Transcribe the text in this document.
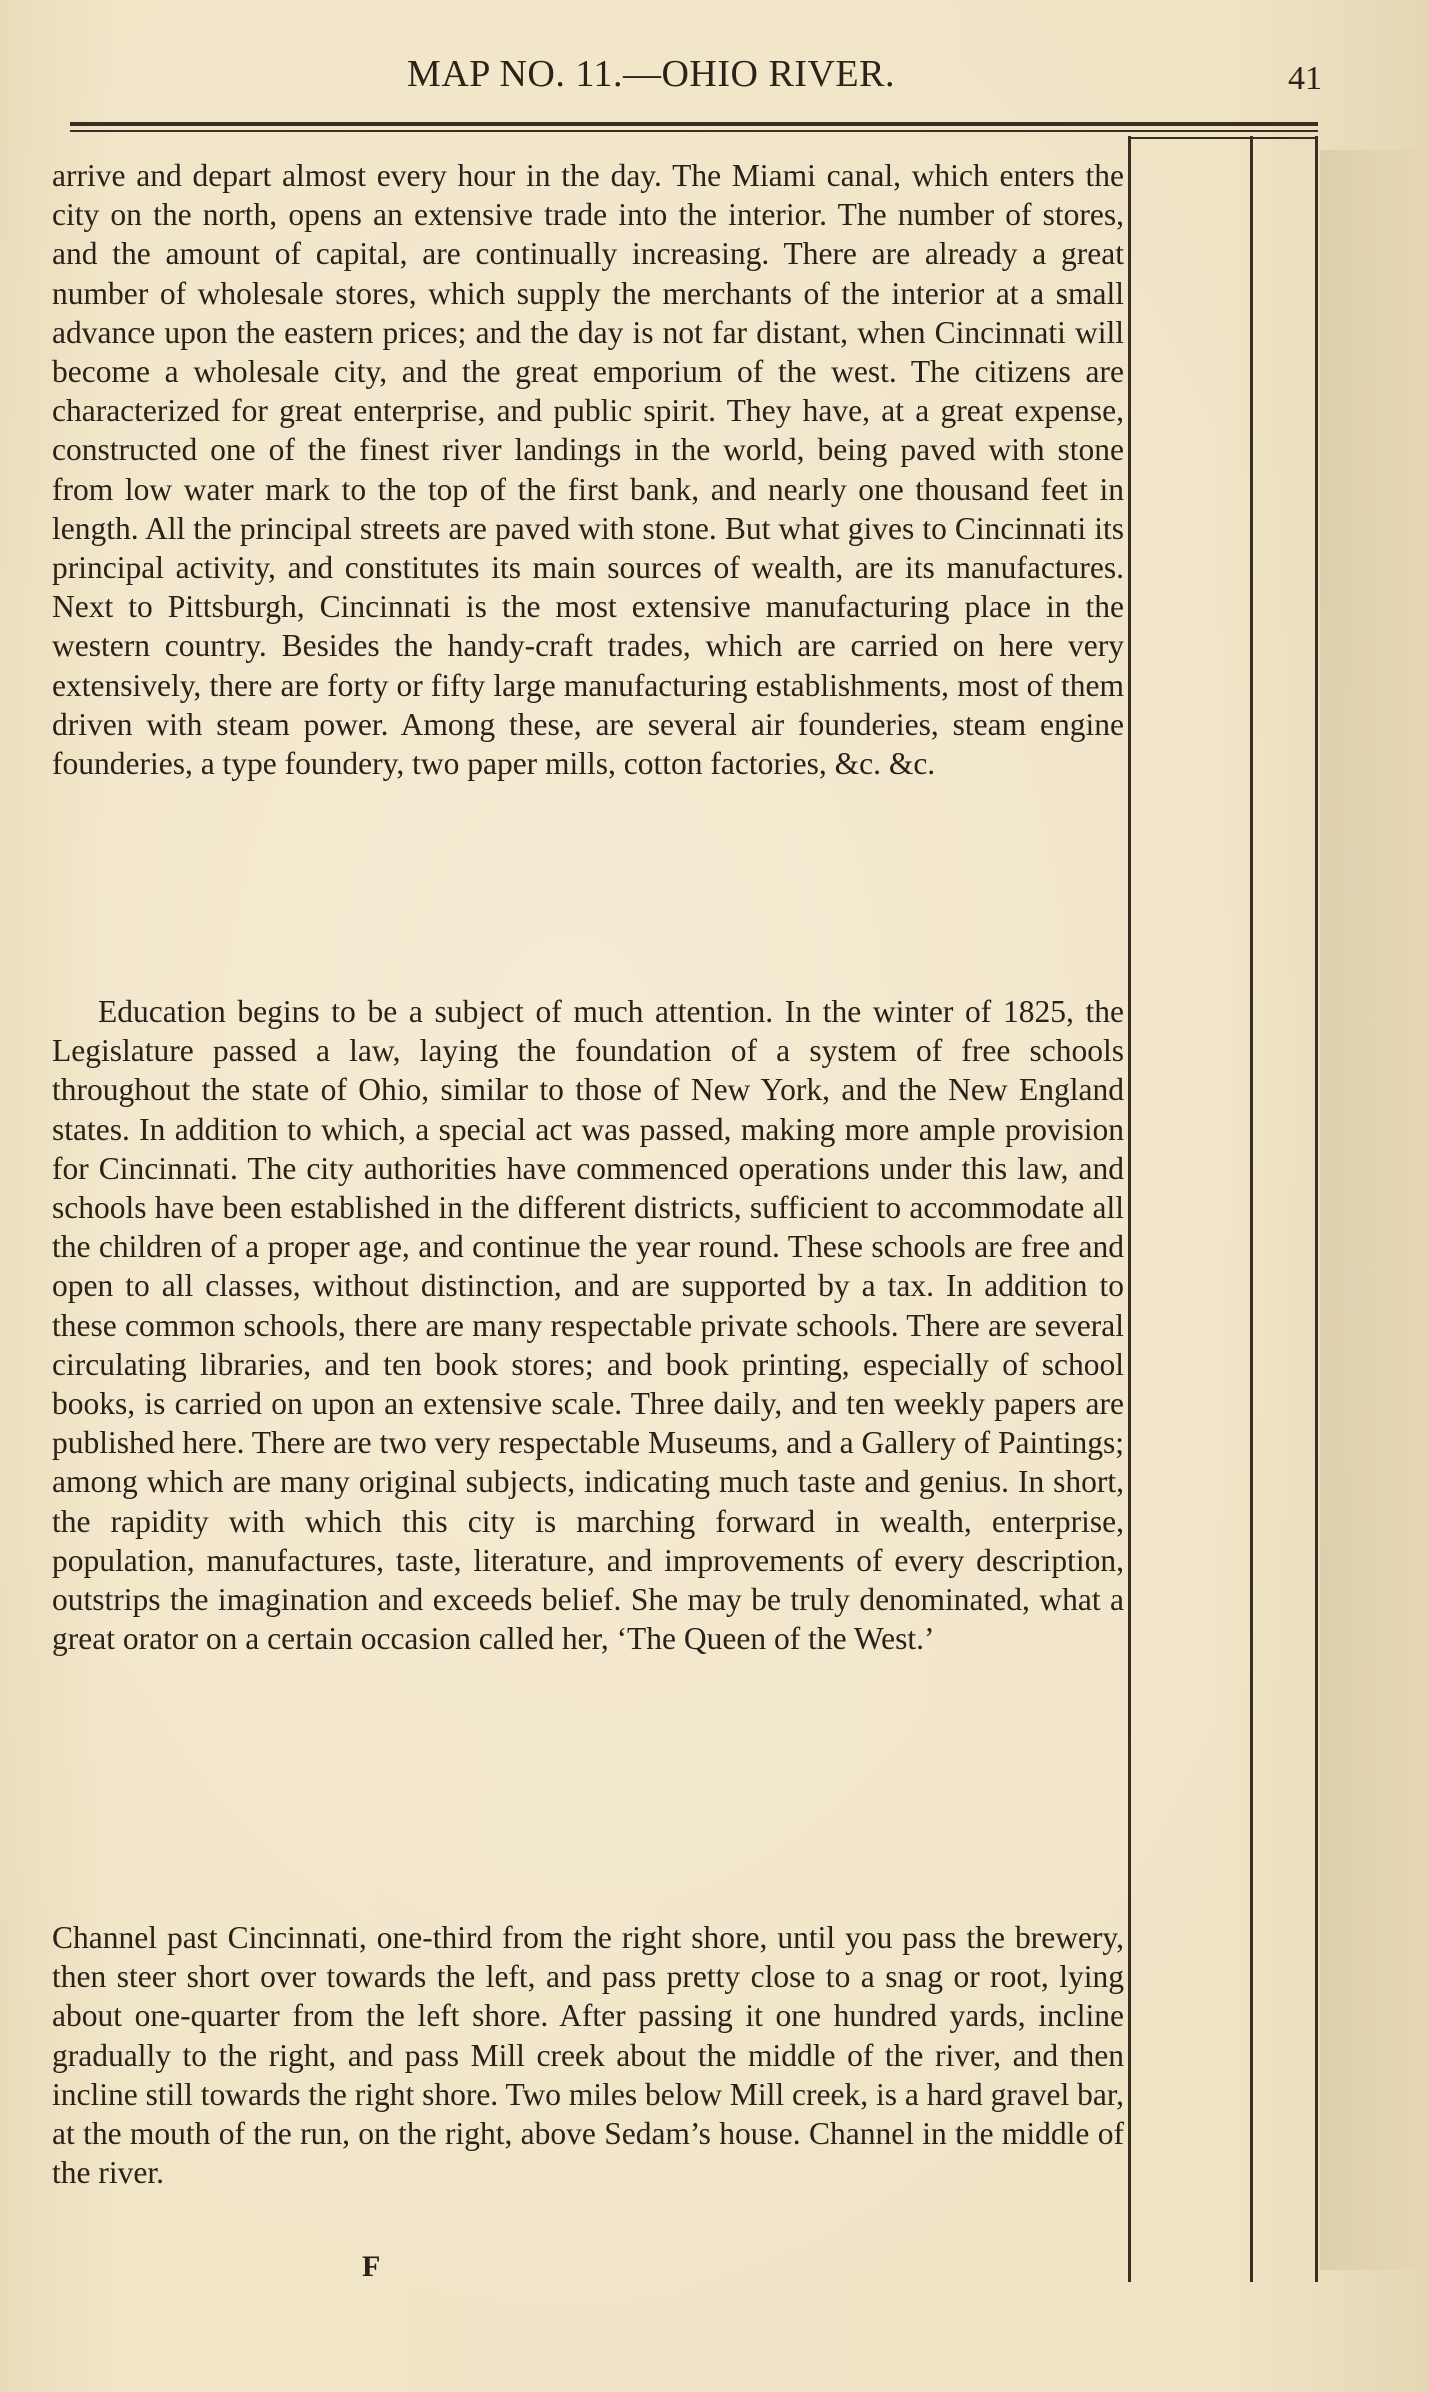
MAP NO. 11.—OHIO RIVER.	41

arrive and depart almost every hour in the day. The Miami canal, which enters the city on the north, opens an extensive trade into the interior. The number of stores, and the amount of capital, are continually increasing. There are already a great number of wholesale stores, which supply the merchants of the interior at a small advance upon the eastern prices; and the day is not far distant, when Cincinnati will become a wholesale city, and the great emporium of the west. The citizens are characterized for great enterprise, and public spirit. They have, at a great expense, constructed one of the finest river landings in the world, being paved with stone from low water mark to the top of the first bank, and nearly one thousand feet in length. All the principal streets are paved with stone. But what gives to Cincinnati its principal activity, and constitutes its main sources of wealth, are its manufactures. Next to Pittsburgh, Cincinnati is the most extensive manufacturing place in the western country. Besides the handy-craft trades, which are carried on here very extensively, there are forty or fifty large manufacturing establishments, most of them driven with steam power. Among these, are several air founderies, steam engine founderies, a type foundery, two paper mills, cotton factories, &c. &c.

Education begins to be a subject of much attention. In the winter of 1825, the Legislature passed a law, laying the foundation of a system of free schools throughout the state of Ohio, similar to those of New York, and the New England states. In addition to which, a special act was passed, making more ample provision for Cincinnati. The city authorities have commenced operations under this law, and schools have been established in the different districts, sufficient to accommodate all the children of a proper age, and continue the year round. These schools are free and open to all classes, without distinction, and are supported by a tax. In addition to these common schools, there are many respectable private schools. There are several circulating libraries, and ten book stores; and book printing, especially of school books, is carried on upon an extensive scale. Three daily, and ten weekly papers are published here. There are two very respectable Museums, and a Gallery of Paintings; among which are many original subjects, indicating much taste and genius. In short, the rapidity with which this city is marching forward in wealth, enterprise, population, manufactures, taste, literature, and improvements of every description, outstrips the imagination and exceeds belief. She may be truly denominated, what a great orator on a certain occasion called her, ‘The Queen of the West.’

Channel past Cincinnati, one-third from the right shore, until you pass the brewery, then steer short over towards the left, and pass pretty close to a snag or root, lying about one-quarter from the left shore. After passing it one hundred yards, incline gradually to the right, and pass Mill creek about the middle of the river, and then incline still towards the right shore. Two miles below Mill creek, is a hard gravel bar, at the mouth of the run, on the right, above Sedam’s house. Channel in the middle of the river.

F
